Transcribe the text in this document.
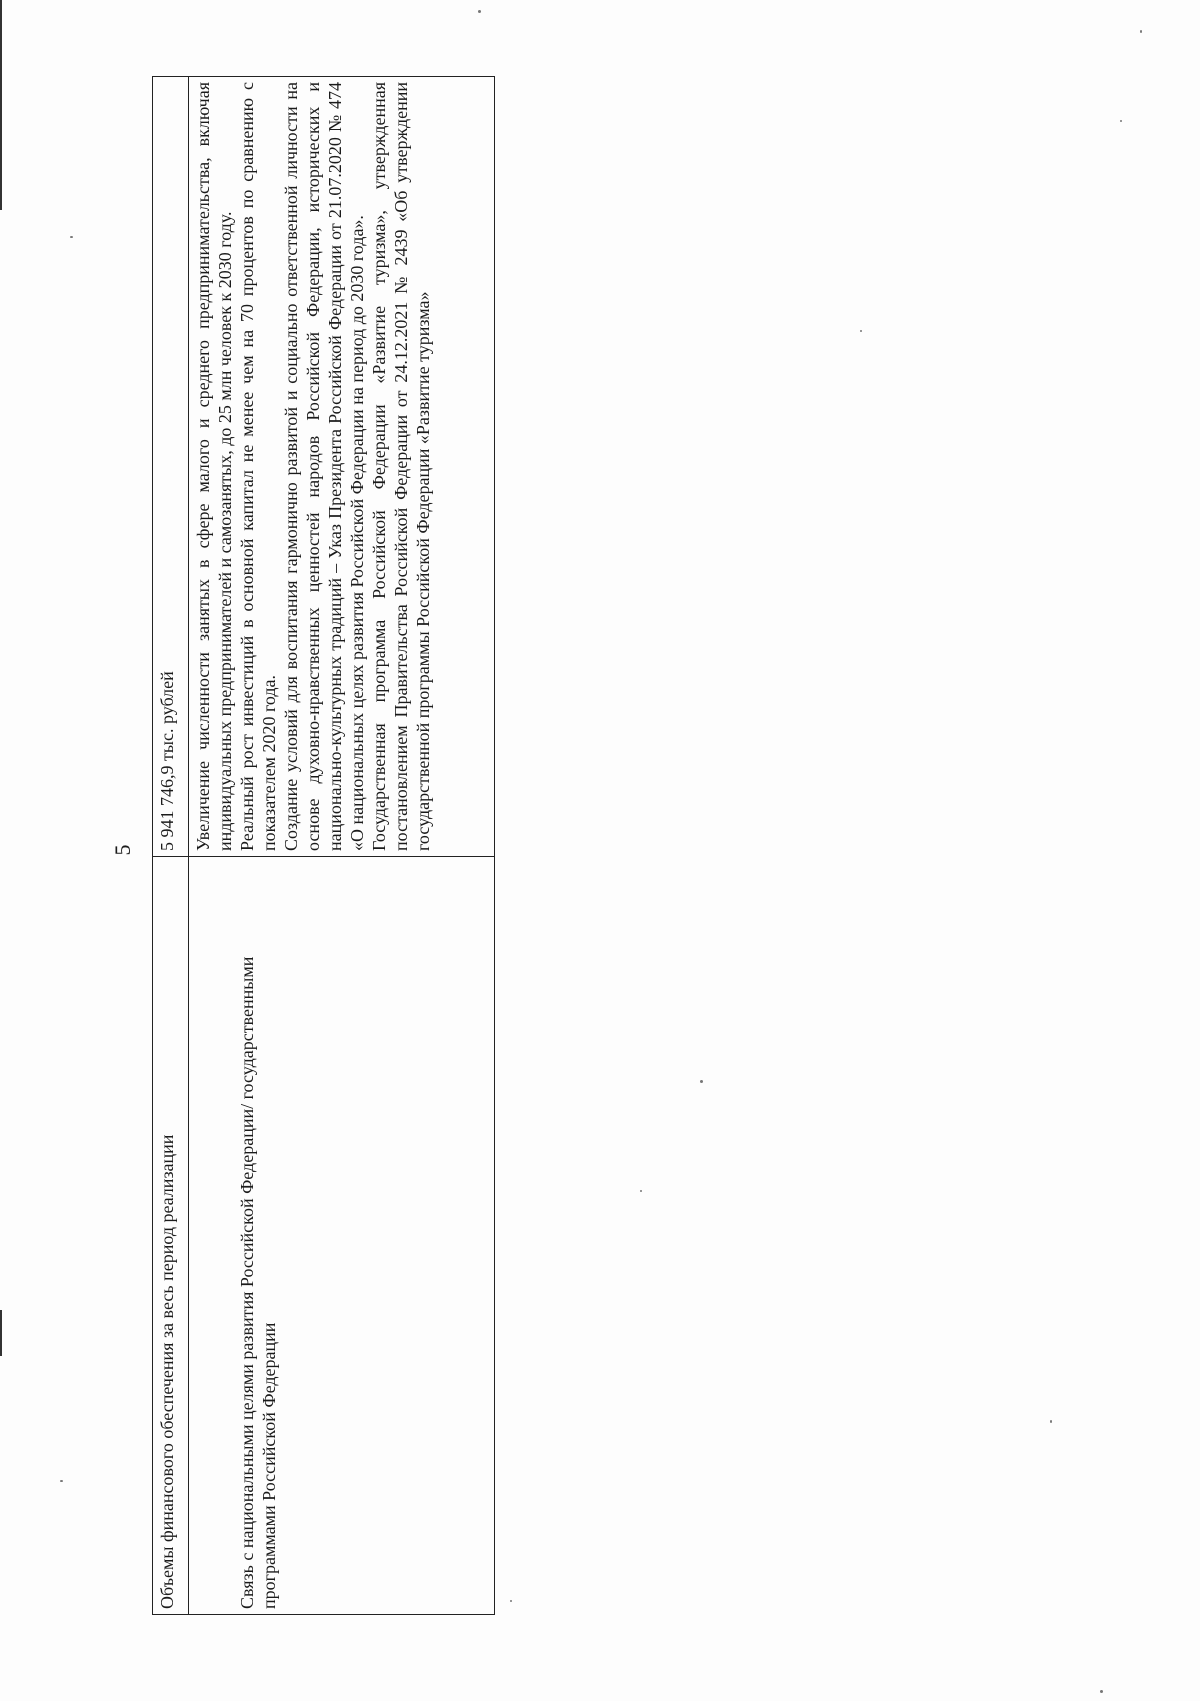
5
Объемы финансового обеспечения за весь период реализации	5 941 746,9 тыс. рублей

Связь с национальными целями развития Российской Федерации/ государственными программами Российской Федерации	Увеличение численности занятых в сфере малого и среднего предпринимательства, включая индивидуальных предпринимателей и самозанятых, до 25 млн человек к 2030 году. Реальный рост инвестиций в основной капитал не менее чем на 70 процентов по сравнению с показателем 2020 года. Создание условий для воспитания гармонично развитой и социально ответственной личности на основе духовно-нравственных ценностей народов Российской Федерации, исторических и национально-культурных традиций – Указ Президента Российской Федерации от 21.07.2020 № 474 «О национальных целях развития Российской Федерации на период до 2030 года». Государственная программа Российской Федерации «Развитие туризма», утвержденная постановлением Правительства Российской Федерации от 24.12.2021 № 2439 «Об утверждении государственной программы Российской Федерации «Развитие туризма»
